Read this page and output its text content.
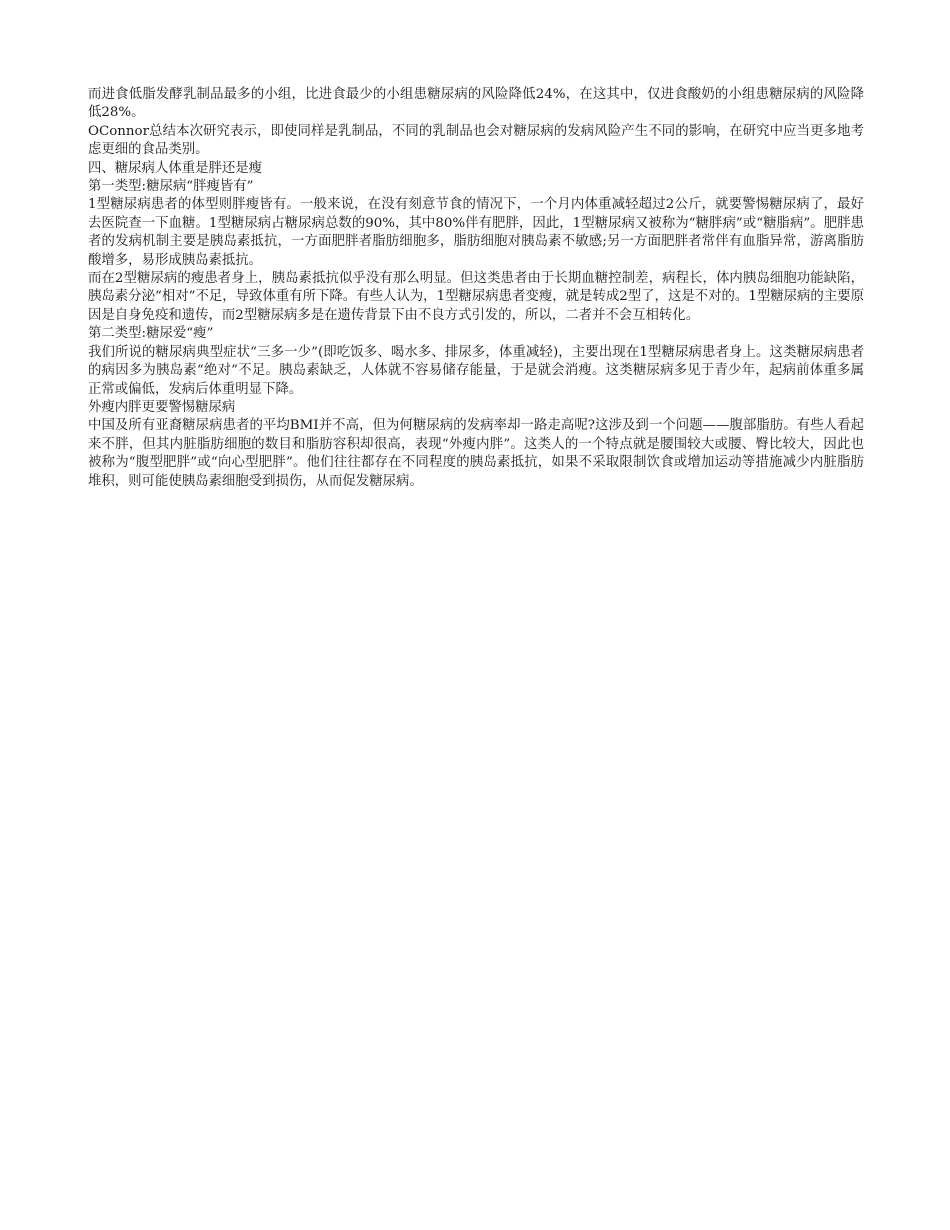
而进食低脂发酵乳制品最多的小组，比进食最少的小组患糖尿病的风险降低24%，在这其中，仅进食酸奶的小组患糖尿病的风险降低28%。

OConnor总结本次研究表示，即使同样是乳制品，不同的乳制品也会对糖尿病的发病风险产生不同的影响，在研究中应当更多地考虑更细的食品类别。

四、糖尿病人体重是胖还是瘦

第一类型:糖尿病“胖瘦皆有”

1型糖尿病患者的体型则胖瘦皆有。一般来说，在没有刻意节食的情况下，一个月内体重减轻超过2公斤，就要警惕糖尿病了，最好去医院查一下血糖。1型糖尿病占糖尿病总数的90%，其中80%伴有肥胖，因此，1型糖尿病又被称为“糖胖病”或“糖脂病”。肥胖患者的发病机制主要是胰岛素抵抗，一方面肥胖者脂肪细胞多，脂肪细胞对胰岛素不敏感;另一方面肥胖者常伴有血脂异常，游离脂肪酸增多，易形成胰岛素抵抗。

而在2型糖尿病的瘦患者身上，胰岛素抵抗似乎没有那么明显。但这类患者由于长期血糖控制差，病程长，体内胰岛细胞功能缺陷，胰岛素分泌“相对”不足，导致体重有所下降。有些人认为，1型糖尿病患者变瘦，就是转成2型了，这是不对的。1型糖尿病的主要原因是自身免疫和遗传，而2型糖尿病多是在遗传背景下由不良方式引发的，所以，二者并不会互相转化。

第二类型:糖尿爱“瘦”

我们所说的糖尿病典型症状“三多一少”(即吃饭多、喝水多、排尿多，体重减轻)，主要出现在1型糖尿病患者身上。这类糖尿病患者的病因多为胰岛素“绝对”不足。胰岛素缺乏，人体就不容易储存能量，于是就会消瘦。这类糖尿病多见于青少年，起病前体重多属正常或偏低，发病后体重明显下降。

外瘦内胖更要警惕糖尿病

中国及所有亚裔糖尿病患者的平均BMI并不高，但为何糖尿病的发病率却一路走高呢?这涉及到一个问题——腹部脂肪。有些人看起来不胖，但其内脏脂肪细胞的数目和脂肪容积却很高，表现“外瘦内胖”。这类人的一个特点就是腰围较大或腰、臀比较大，因此也被称为“腹型肥胖”或“向心型肥胖”。他们往往都存在不同程度的胰岛素抵抗，如果不采取限制饮食或增加运动等措施减少内脏脂肪堆积，则可能使胰岛素细胞受到损伤，从而促发糖尿病。
